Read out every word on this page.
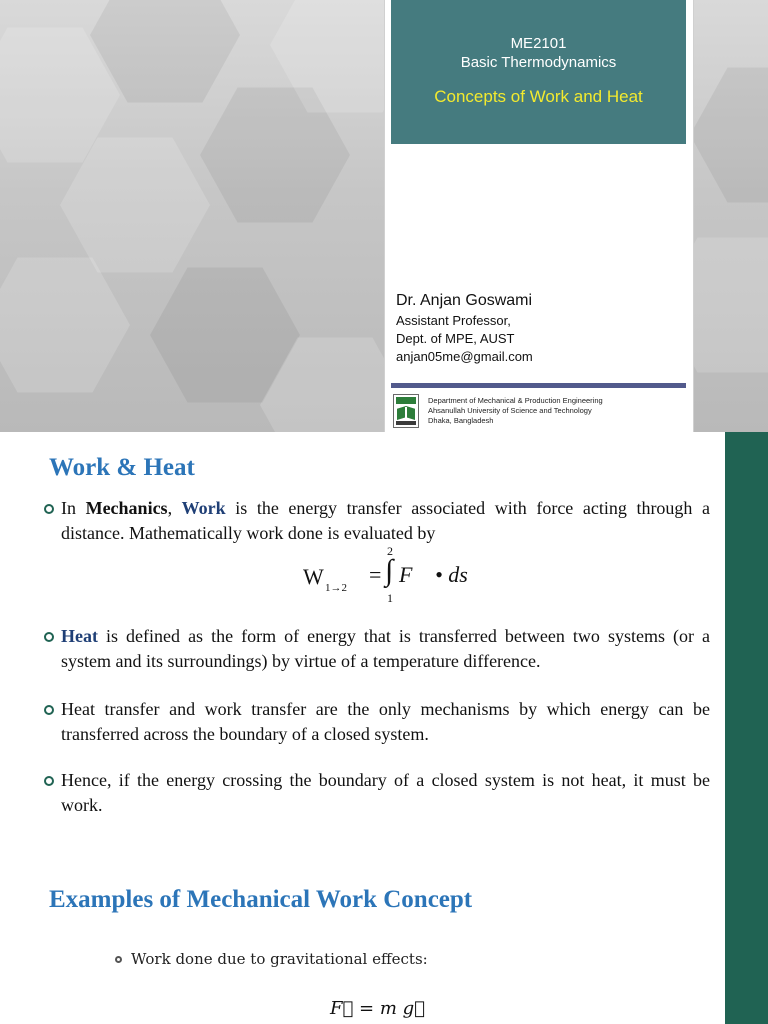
ME2101
Basic Thermodynamics
Concepts of Work and Heat
Dr. Anjan Goswami
Assistant Professor,
Dept. of MPE, AUST
anjan05me@gmail.com
Department of Mechanical & Production Engineering
Ahsanullah University of Science and Technology
Dhaka, Bangladesh
Work & Heat
In Mechanics, Work is the energy transfer associated with force acting through a distance. Mathematically work done is evaluated by
W 1→2
=
2
∫
1
F⃗ • ds⃗
Heat is defined as the form of energy that is transferred between two systems (or a system and its surroundings) by virtue of a temperature difference.
Heat transfer and work transfer are the only mechanisms by which energy can be transferred across the boundary of a closed system.
Hence, if the energy crossing the boundary of a closed system is not heat, it must be work.
Examples of Mechanical Work Concept
Work done due to gravitational effects:
F⃗ = m g⃗
